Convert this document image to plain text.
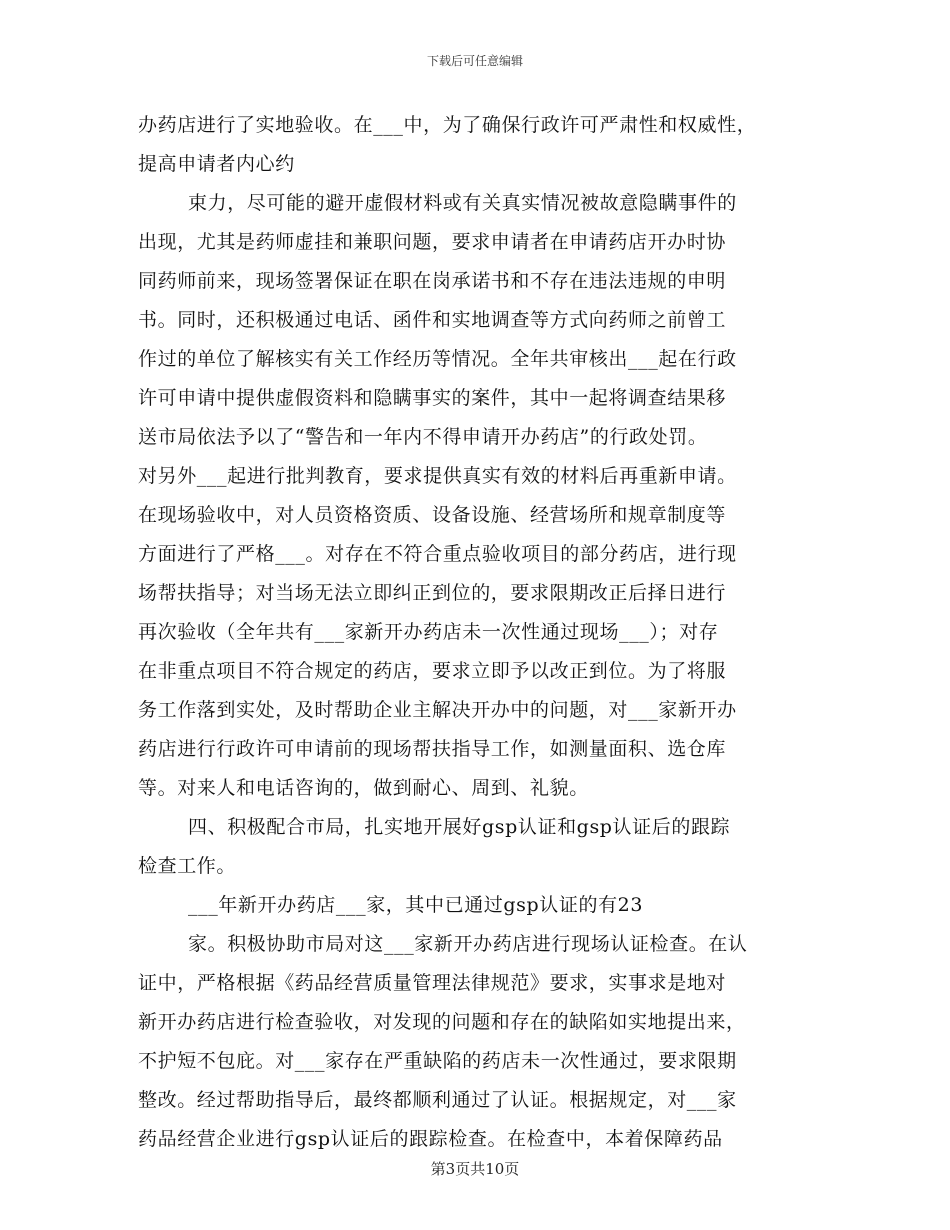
下载后可任意编辑
办药店进行了实地验收。在___中，为了确保行政许可严肃性和权威性，
提高申请者内心约
束力，尽可能的避开虚假材料或有关真实情况被故意隐瞒事件的
出现，尤其是药师虚挂和兼职问题，要求申请者在申请药店开办时协
同药师前来，现场签署保证在职在岗承诺书和不存在违法违规的申明
书。同时，还积极通过电话、函件和实地调查等方式向药师之前曾工
作过的单位了解核实有关工作经历等情况。全年共审核出___起在行政
许可申请中提供虚假资料和隐瞒事实的案件，其中一起将调查结果移
送市局依法予以了“警告和一年内不得申请开办药店”的行政处罚。
对另外___起进行批判教育，要求提供真实有效的材料后再重新申请。
在现场验收中，对人员资格资质、设备设施、经营场所和规章制度等
方面进行了严格___。对存在不符合重点验收项目的部分药店，进行现
场帮扶指导；对当场无法立即纠正到位的，要求限期改正后择日进行
再次验收（全年共有___家新开办药店未一次性通过现场___）；对存
在非重点项目不符合规定的药店，要求立即予以改正到位。为了将服
务工作落到实处，及时帮助企业主解决开办中的问题，对___家新开办
药店进行行政许可申请前的现场帮扶指导工作，如测量面积、选仓库
等。对来人和电话咨询的，做到耐心、周到、礼貌。
四、积极配合市局，扎实地开展好gsp认证和gsp认证后的跟踪
检查工作。
___年新开办药店___家，其中已通过gsp认证的有23
家。积极协助市局对这___家新开办药店进行现场认证检查。在认
证中，严格根据《药品经营质量管理法律规范》要求，实事求是地对
新开办药店进行检查验收，对发现的问题和存在的缺陷如实地提出来，
不护短不包庇。对___家存在严重缺陷的药店未一次性通过，要求限期
整改。经过帮助指导后，最终都顺利通过了认证。根据规定，对___家
药品经营企业进行gsp认证后的跟踪检查。在检查中，本着保障药品
第3页共10页
